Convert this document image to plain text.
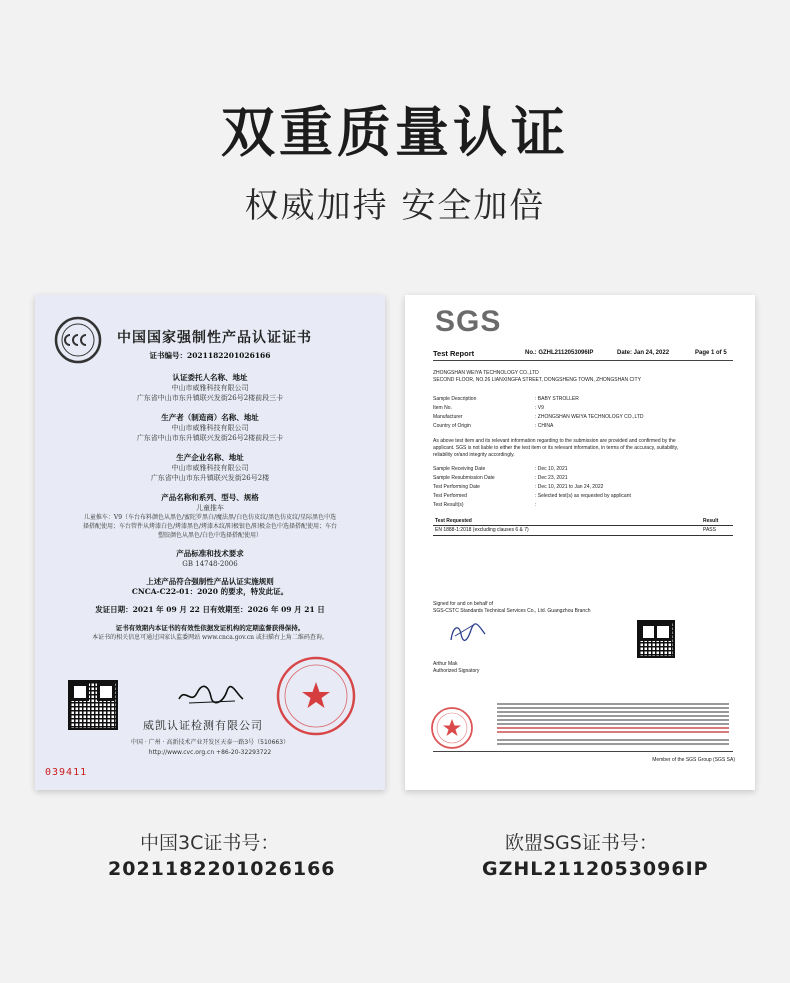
双重质量认证
权威加持 安全加倍
中国国家强制性产品认证证书
证书编号：2021182201026166
认证委托人名称、地址
中山市威雅科技有限公司
广东省中山市东升镇联兴发街26号2楼前段三卡
生产者（制造商）名称、地址
中山市威雅科技有限公司
广东省中山市东升镇联兴发街26号2楼前段三卡
生产企业名称、地址
中山市威雅科技有限公司
广东省中山市东升镇联兴发街26号2楼
产品名称和系列、型号、规格
儿童推车
儿童推车：V9（车台布料颜色从黑色/蜜陀罗黑白/魔法黑/白色仿皮纹/黑色仿皮纹/星际黑色中选
择搭配使用；车台管件从烤漆白色/烤漆黑色/烤漆木纹/阳极银色/阳极金色中选择搭配使用；车台
塑胶颜色从黑色/白色中选择搭配使用）
产品标准和技术要求
GB 14748-2006
上述产品符合强制性产品认证实施规则
CNCA-C22-01：2020 的要求，特发此证。
发证日期：2021 年 09 月 22 日有效期至：2026 年 09 月 21 日
证书有效期内本证书的有效性依据发证机构的定期监督获得保持。
本证书的相关信息可通过国家认监委网站 www.cnca.gov.cn 或扫描右上角二维码查询。
威凯认证检测有限公司
中国 · 广州 · 高新技术产业开发区天泰一路3号（510663）
http://www.cvc.org.cn +86-20-32293722
039411
SGS
Test Report	No.: GZHL2112053096IP	Date: Jan 24, 2022	Page 1 of 5
ZHONGSHAN WEIYA TECHNOLOGY CO.,LTD
SECOND FLOOR, NO.26 LIANXINGFA STREET, DONGSHENG TOWN, ZHONGSHAN CITY
Sample Description	: BABY STROLLER
Item No.	: V9
Manufacturer	: ZHONGSHAN WEIYA TECHNOLOGY CO.,LTD
Country of Origin	: CHINA
As above test item and its relevant information regarding to the submission are provided and confirmed by the
applicant. SGS is not liable to either the test item or its relevant information, in terms of the accuracy, suitability,
reliability or/and integrity accordingly.
Sample Receiving Date	: Dec 10, 2021
Sample Resubmission Date	: Dec 23, 2021
Test Performing Date	: Dec 10, 2021 to Jan 24, 2022
Test Performed	: Selected test(s) as requested by applicant
Test Result(s)	:
Test Requested	Result
EN 1888-1:2018 (excluding clauses 6 & 7)	PASS
Signed for and on behalf of
SGS-CSTC Standards Technical Services Co., Ltd. Guangzhou Branch
Arthur Mak
Authorized Signatory
Member of the SGS Group (SGS SA)
中国3C证书号：
2021182201026166
欧盟SGS证书号：
GZHL2112053096IP
